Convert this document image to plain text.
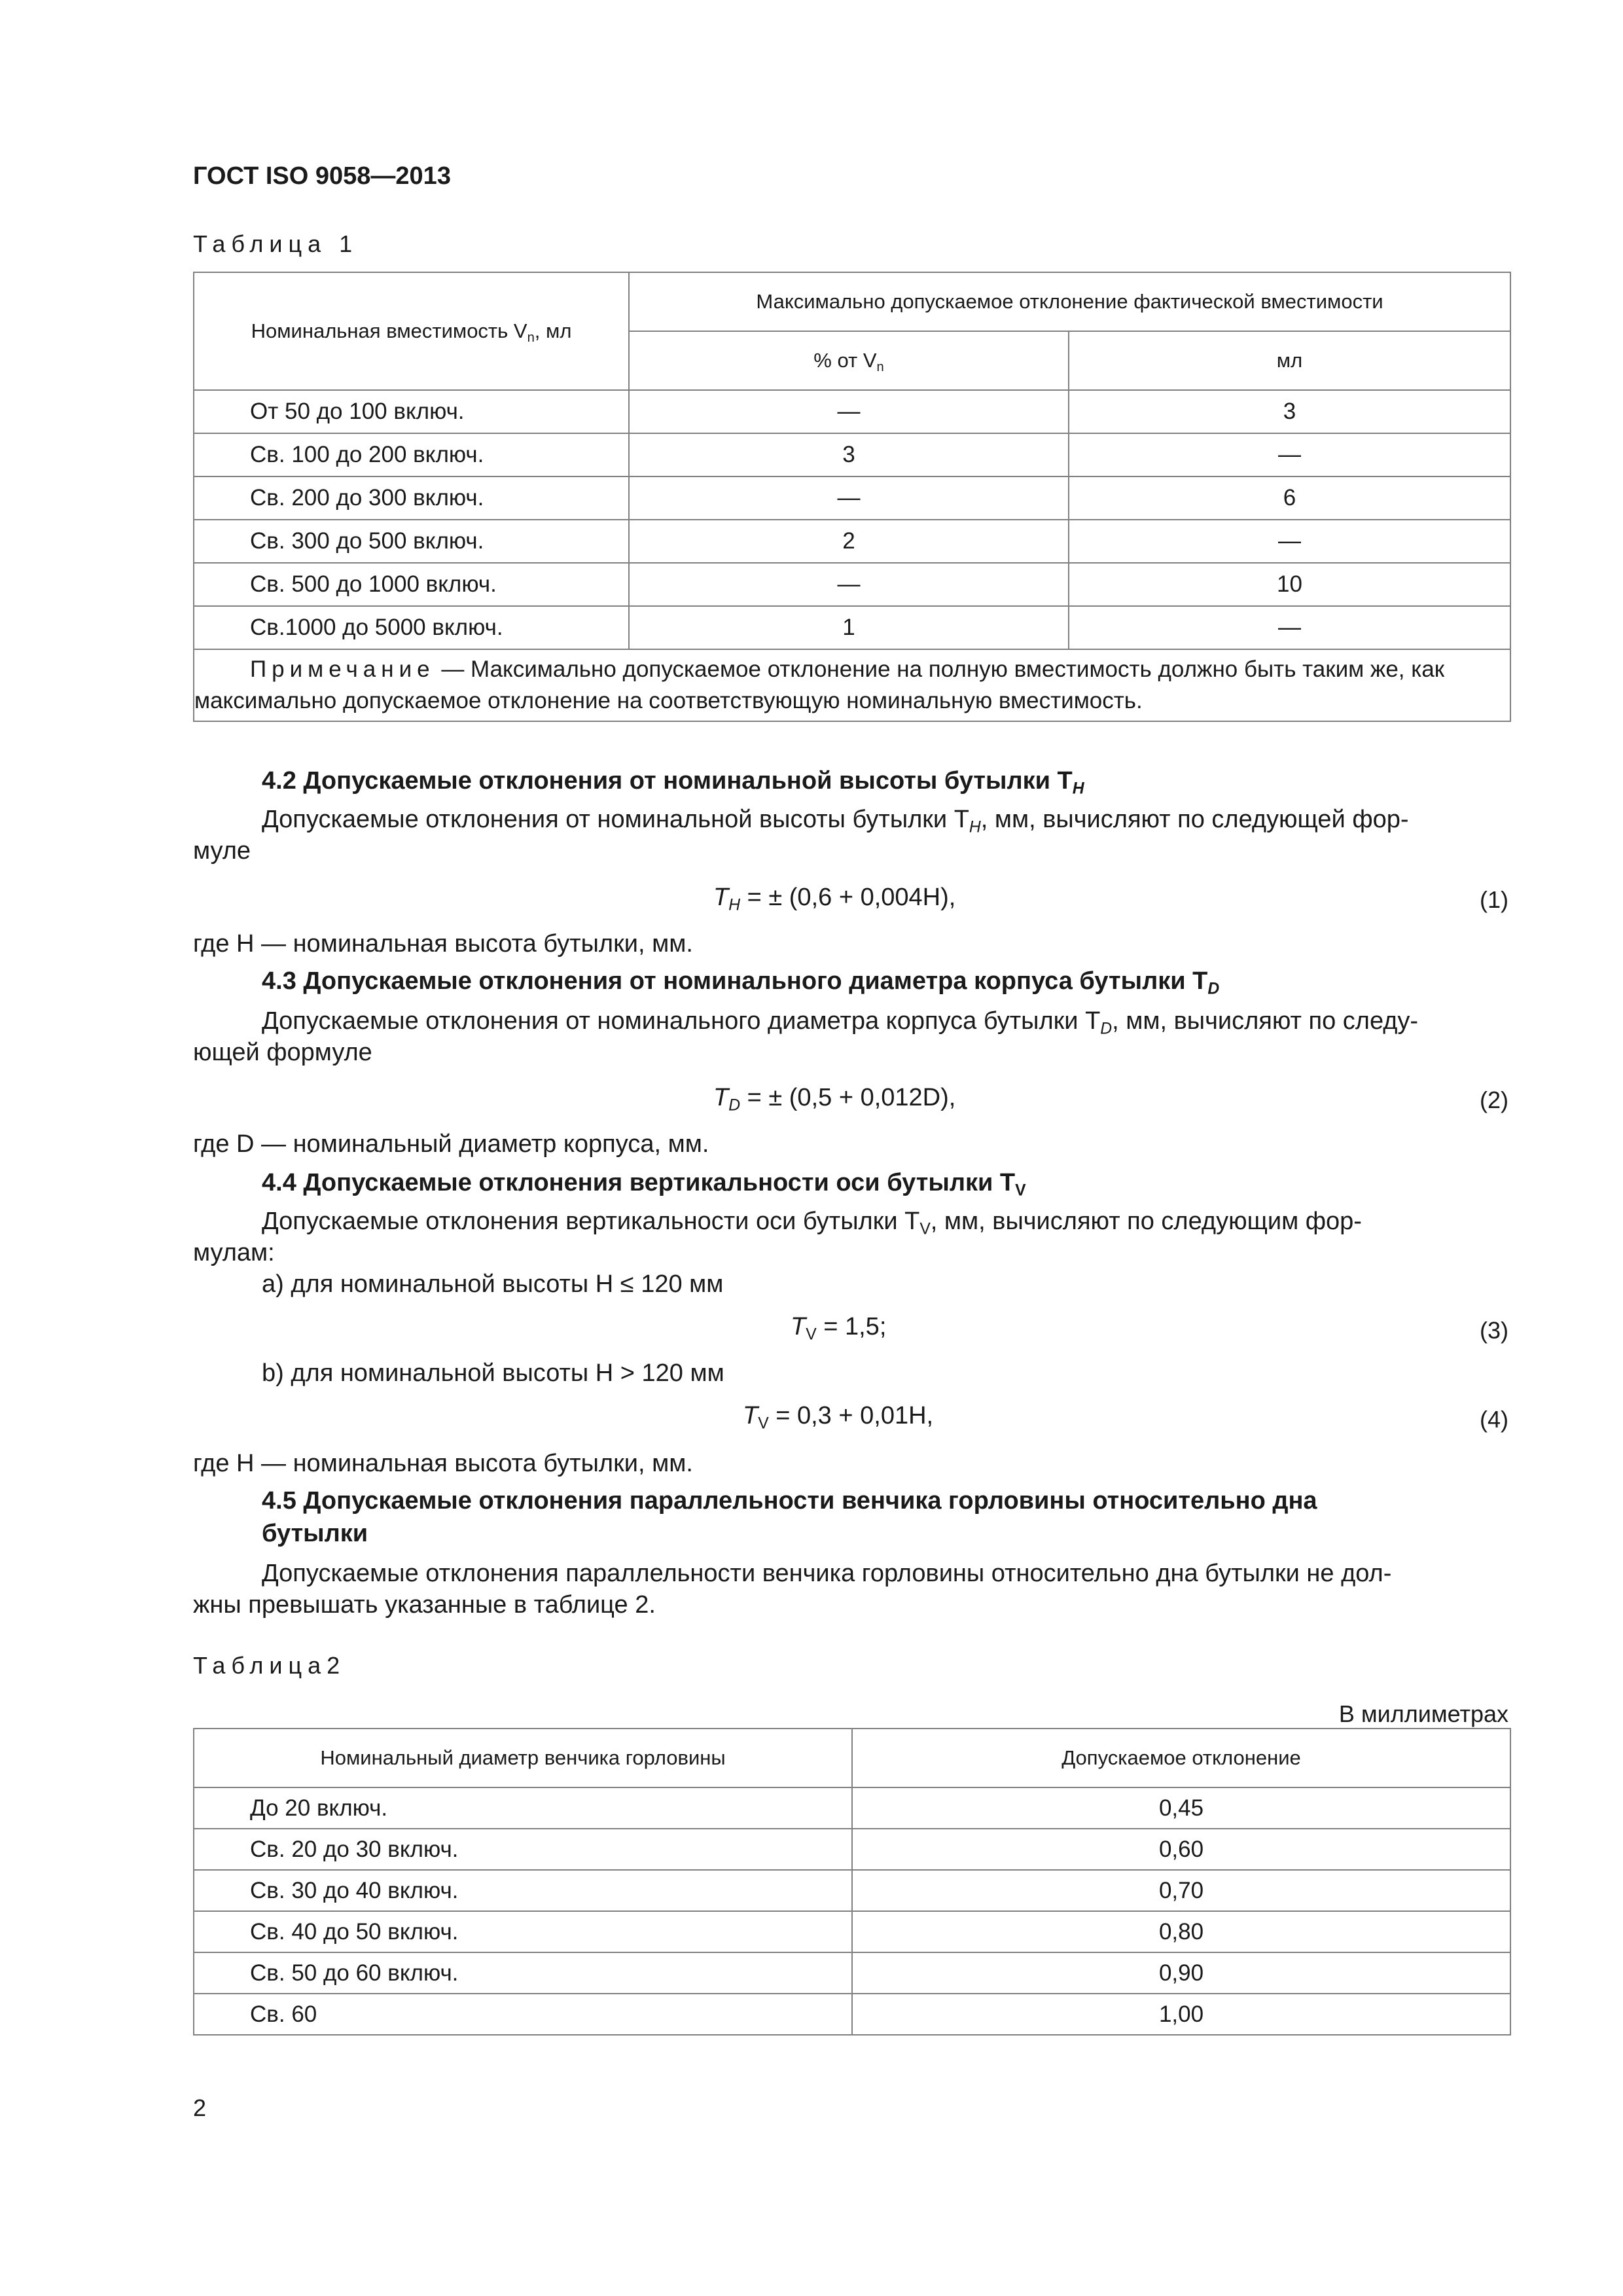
ГОСТ ISO 9058—2013
Таблица 1
Номинальная вместимость $V_n$, мл	Максимально допускаемое отклонение фактической вместимости	
	% от $V_n$	мл
От 50 до 100 включ.	—	3
Св. 100 до 200 включ.	3	—
Св. 200 до 300 включ.	—	6
Св. 300 до 500 включ.	2	—
Св. 500 до 1000 включ.	—	10
Св.1000 до 5000 включ.	1	—
Примечание — Максимально допускаемое отклонение на полную вместимость должно быть таким же, как максимально допускаемое отклонение на соответствующую номинальную вместимость.		
4.2 Допускаемые отклонения от номинальной высоты бутылки $T_H$
Допускаемые отклонения от номинальной высоты бутылки $T_H$, мм, вычисляют по следующей фор-
муле
$T_H$ = ± (0,6 + 0,004H),	(1)
где H — номинальная высота бутылки, мм.
4.3 Допускаемые отклонения от номинального диаметра корпуса бутылки $T_D$
Допускаемые отклонения от номинального диаметра корпуса бутылки $T_D$, мм, вычисляют по следу-
ющей формуле
$T_D$ = ± (0,5 + 0,012D),	(2)
где D — номинальный диаметр корпуса, мм.
4.4 Допускаемые отклонения вертикальности оси бутылки $T_V$
Допускаемые отклонения вертикальности оси бутылки $T_V$, мм, вычисляют по следующим фор-
мулам:
a) для номинальной высоты H ≤ 120 мм
$T_V = 1,5$;	(3)
b) для номинальной высоты H > 120 мм
$T_V = 0,3 + 0,01H$,	(4)
где H — номинальная высота бутылки, мм.
4.5 Допускаемые отклонения параллельности венчика горловины относительно дна
бутылки
Допускаемые отклонения параллельности венчика горловины относительно дна бутылки не дол-
жны превышать указанные в таблице 2.
Таблица2
В миллиметрах
Номинальный диаметр венчика горловины	Допускаемое отклонение
До 20 включ.	0,45
Св. 20 до 30 включ.	0,60
Св. 30 до 40 включ.	0,70
Св. 40 до 50 включ.	0,80
Св. 50 до 60 включ.	0,90
Св. 60	1,00
2
